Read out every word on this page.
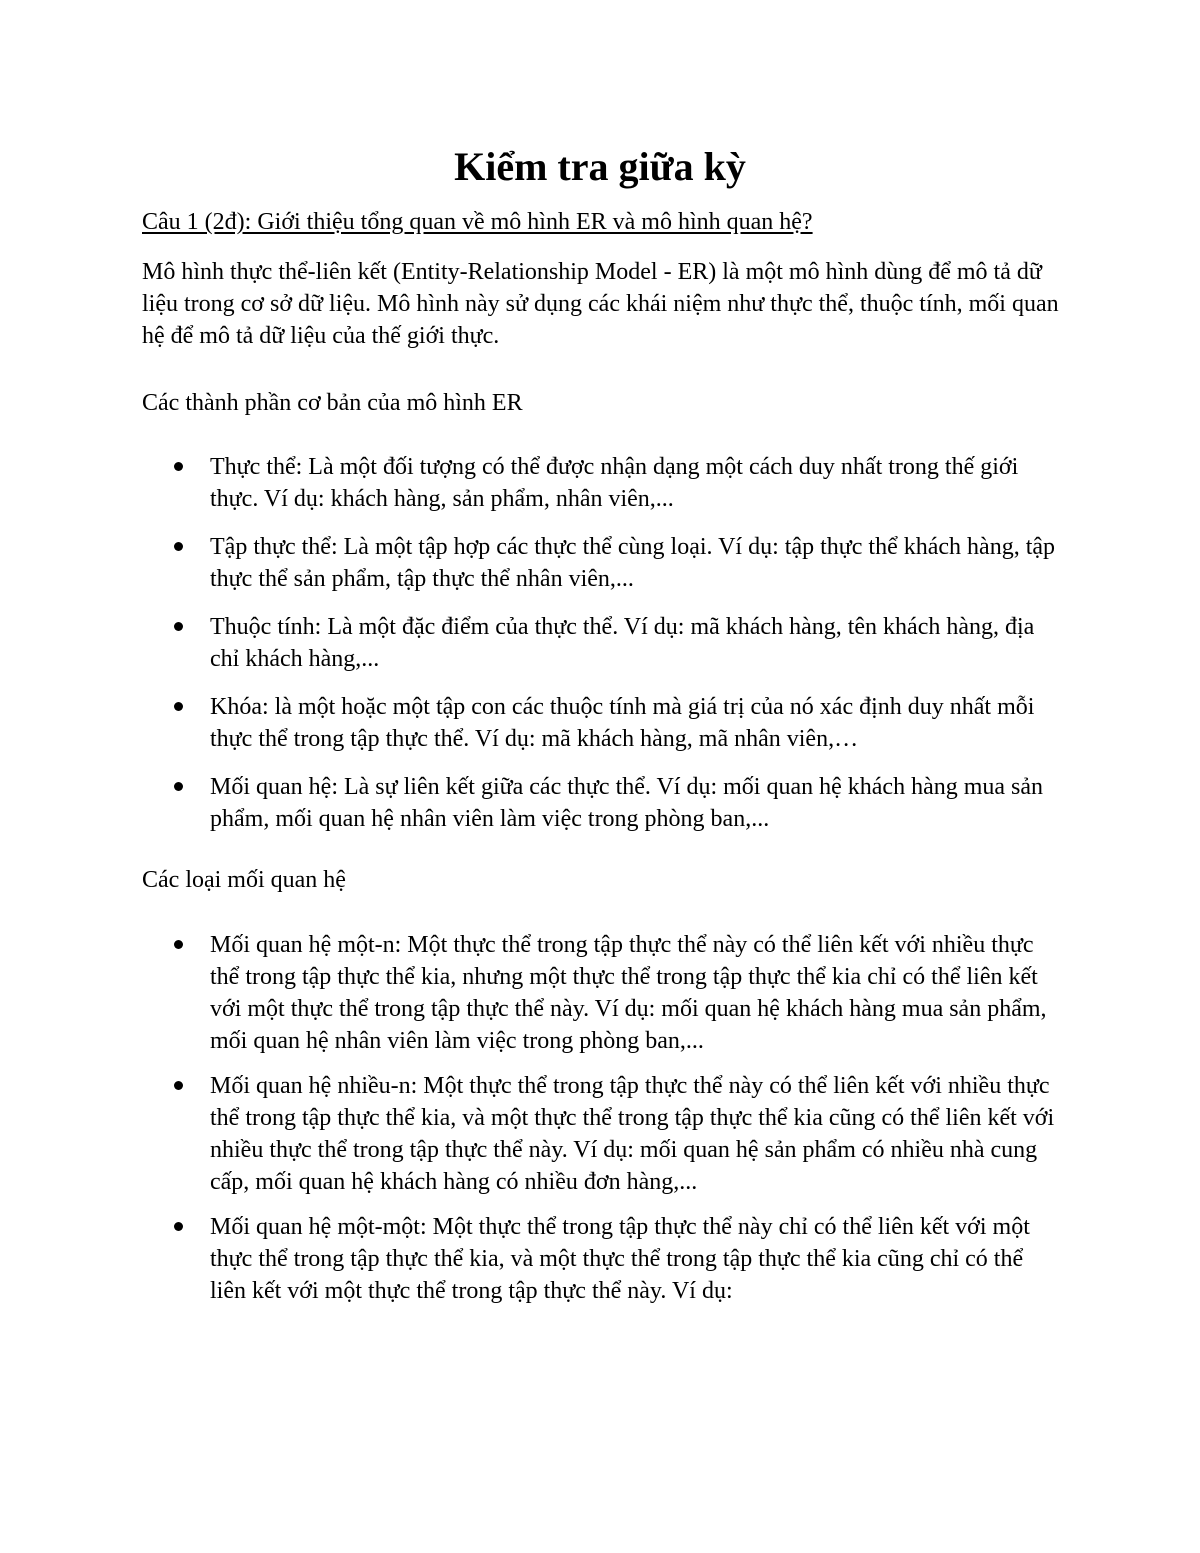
Kiểm tra giữa kỳ

Câu 1 (2đ): Giới thiệu tổng quan về mô hình ER và mô hình quan hệ?

Mô hình thực thể-liên kết (Entity-Relationship Model - ER) là một mô hình dùng để mô tả dữ liệu trong cơ sở dữ liệu. Mô hình này sử dụng các khái niệm như thực thể, thuộc tính, mối quan hệ để mô tả dữ liệu của thế giới thực.

Các thành phần cơ bản của mô hình ER

Thực thể: Là một đối tượng có thể được nhận dạng một cách duy nhất trong thế giới thực. Ví dụ: khách hàng, sản phẩm, nhân viên,...
Tập thực thể: Là một tập hợp các thực thể cùng loại. Ví dụ: tập thực thể khách hàng, tập thực thể sản phẩm, tập thực thể nhân viên,...
Thuộc tính: Là một đặc điểm của thực thể. Ví dụ: mã khách hàng, tên khách hàng, địa chỉ khách hàng,...
Khóa: là một hoặc một tập con các thuộc tính mà giá trị của nó xác định duy nhất mỗi thực thể trong tập thực thể. Ví dụ: mã khách hàng, mã nhân viên,…
Mối quan hệ: Là sự liên kết giữa các thực thể. Ví dụ: mối quan hệ khách hàng mua sản phẩm, mối quan hệ nhân viên làm việc trong phòng ban,...

Các loại mối quan hệ

Mối quan hệ một-n: Một thực thể trong tập thực thể này có thể liên kết với nhiều thực thể trong tập thực thể kia, nhưng một thực thể trong tập thực thể kia chỉ có thể liên kết với một thực thể trong tập thực thể này. Ví dụ: mối quan hệ khách hàng mua sản phẩm, mối quan hệ nhân viên làm việc trong phòng ban,...
Mối quan hệ nhiều-n: Một thực thể trong tập thực thể này có thể liên kết với nhiều thực thể trong tập thực thể kia, và một thực thể trong tập thực thể kia cũng có thể liên kết với nhiều thực thể trong tập thực thể này. Ví dụ: mối quan hệ sản phẩm có nhiều nhà cung cấp, mối quan hệ khách hàng có nhiều đơn hàng,...
Mối quan hệ một-một: Một thực thể trong tập thực thể này chỉ có thể liên kết với một thực thể trong tập thực thể kia, và một thực thể trong tập thực thể kia cũng chỉ có thể liên kết với một thực thể trong tập thực thể này. Ví dụ:
